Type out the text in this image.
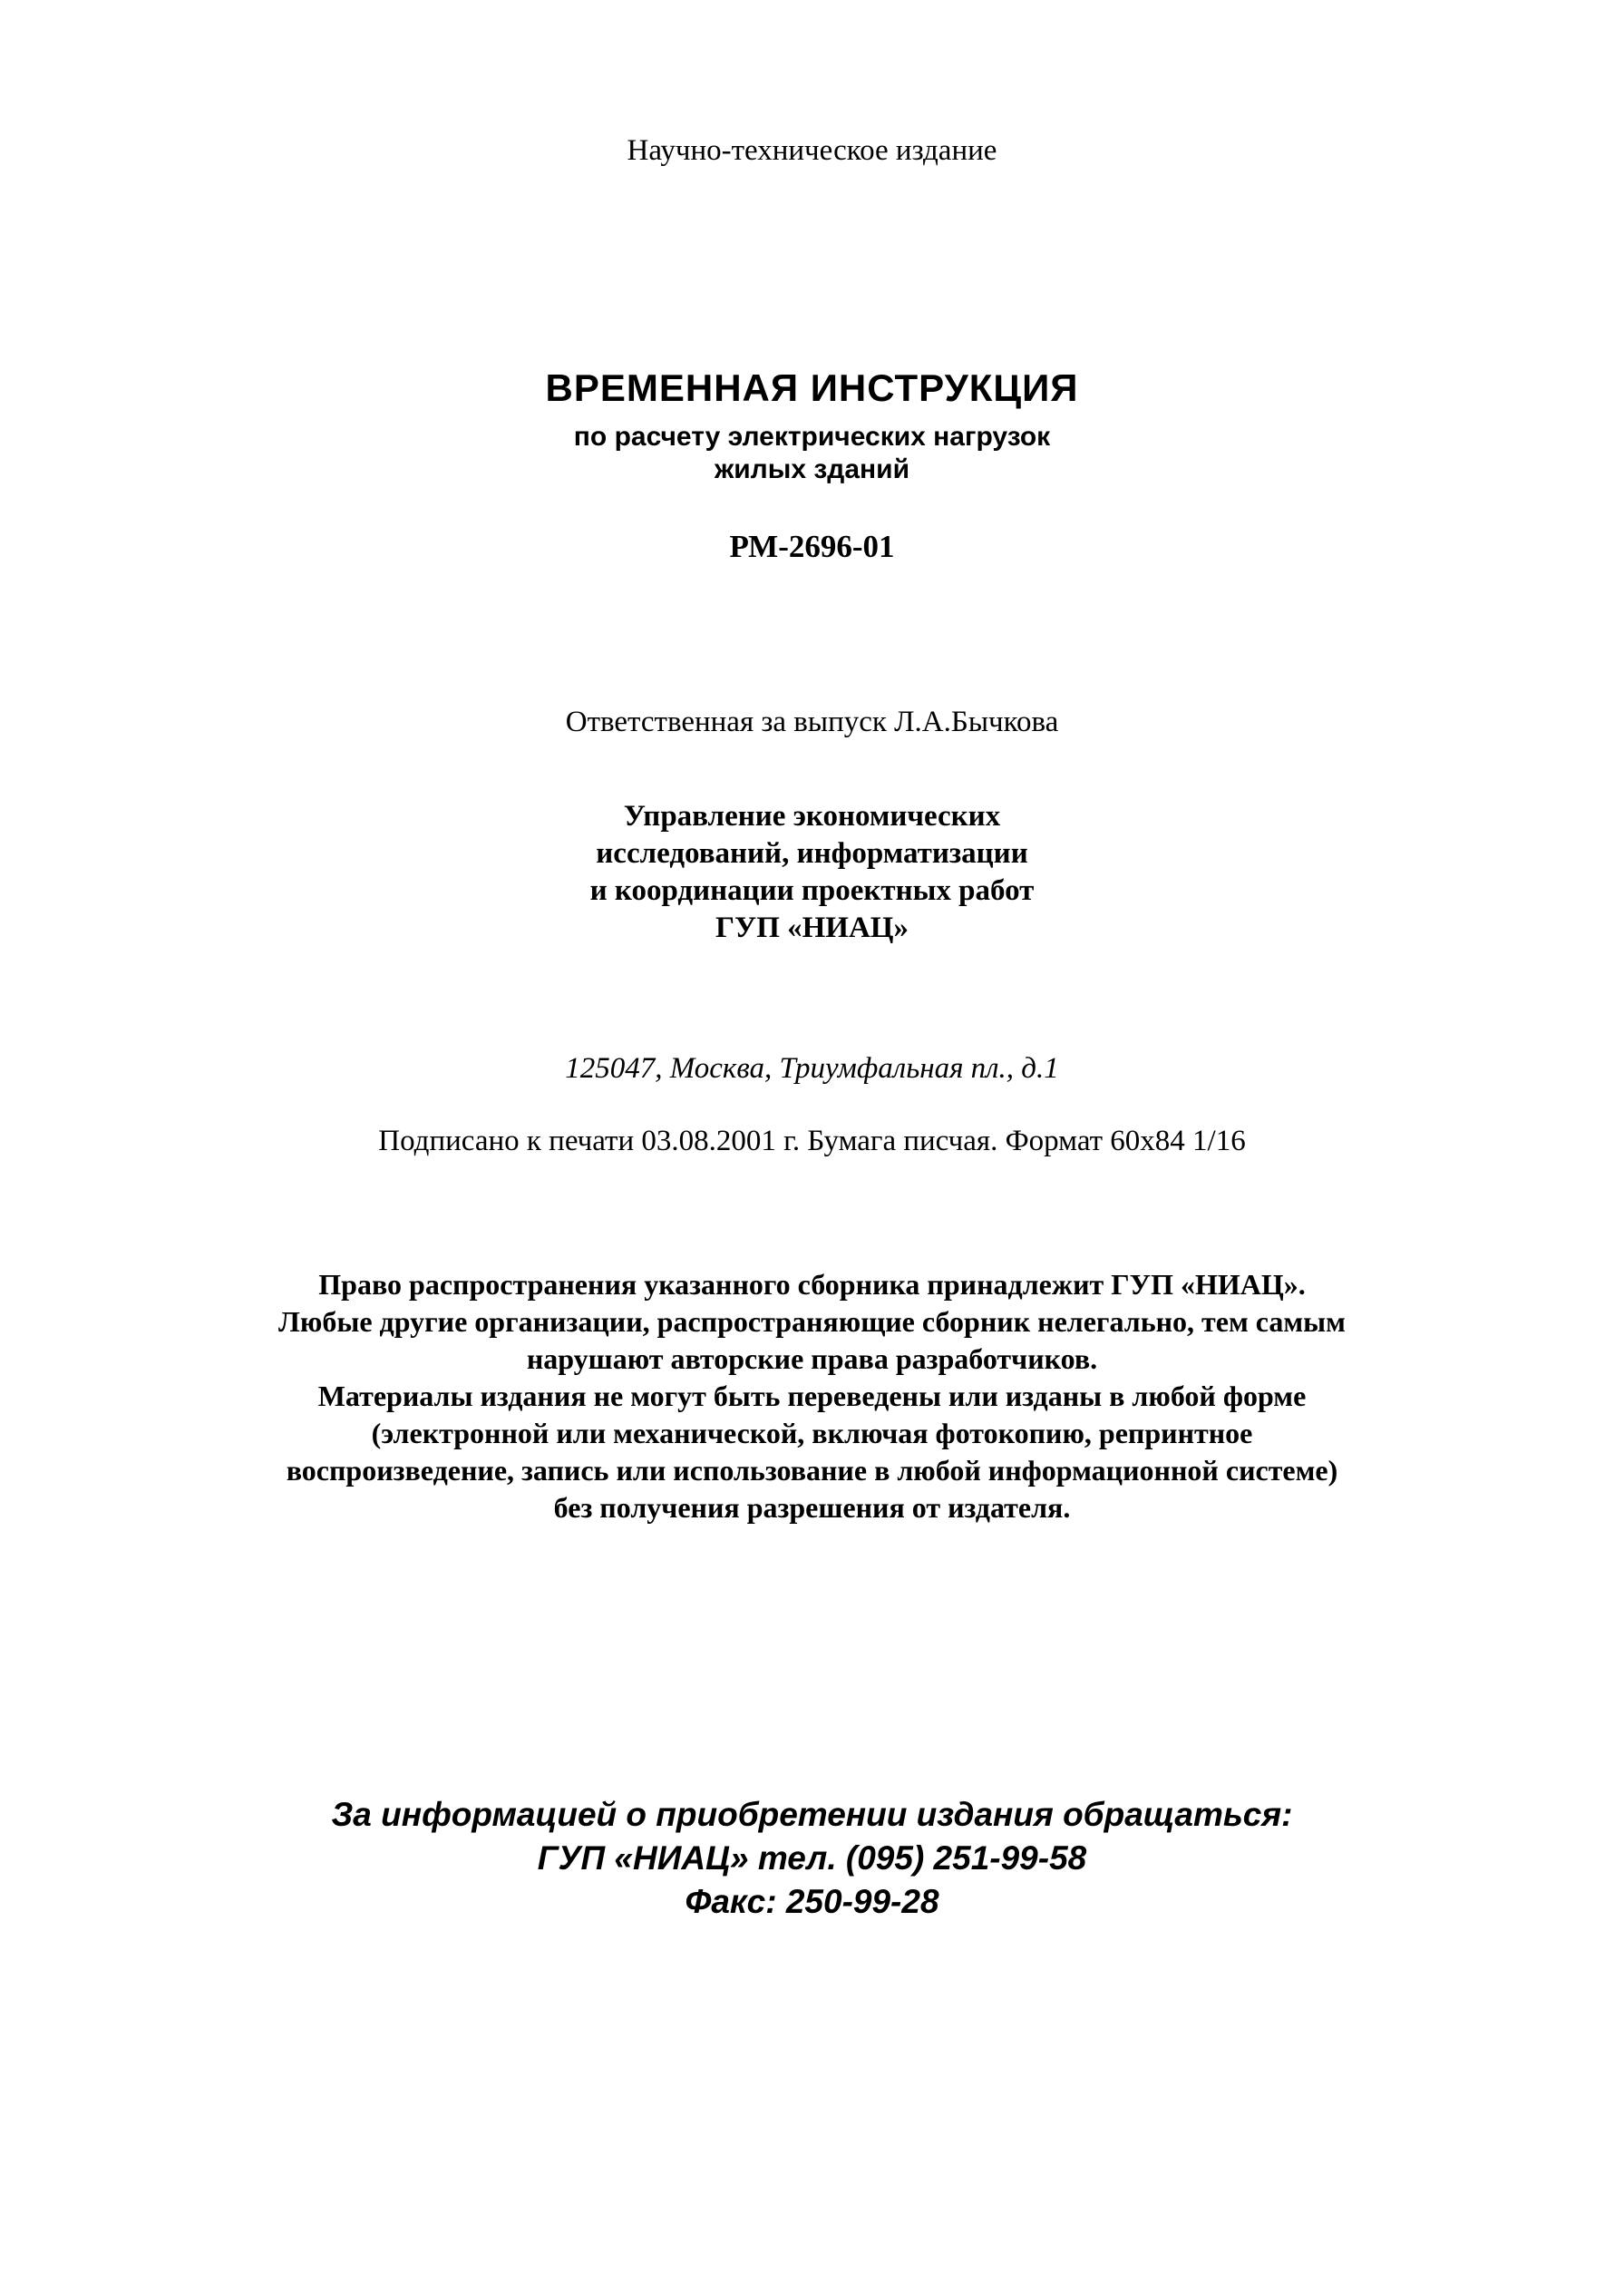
Научно-техническое издание
ВРЕМЕННАЯ ИНСТРУКЦИЯ
по расчету электрических нагрузок
жилых зданий
РМ-2696-01
Ответственная за выпуск Л.А.Бычкова
Управление экономических
исследований, информатизации
и координации проектных работ
ГУП «НИАЦ»
125047, Москва, Триумфальная пл., д.1
Подписано к печати 03.08.2001 г. Бумага писчая. Формат 60x84 1/16
Право распространения указанного сборника принадлежит ГУП «НИАЦ».
Любые другие организации, распространяющие сборник нелегально, тем самым
нарушают авторские права разработчиков.
Материалы издания не могут быть переведены или изданы в любой форме
(электронной или механической, включая фотокопию, репринтное
воспроизведение, запись или использование в любой информационной системе)
без получения разрешения от издателя.
За информацией о приобретении издания обращаться:
ГУП «НИАЦ» тел. (095) 251-99-58
Факс: 250-99-28
